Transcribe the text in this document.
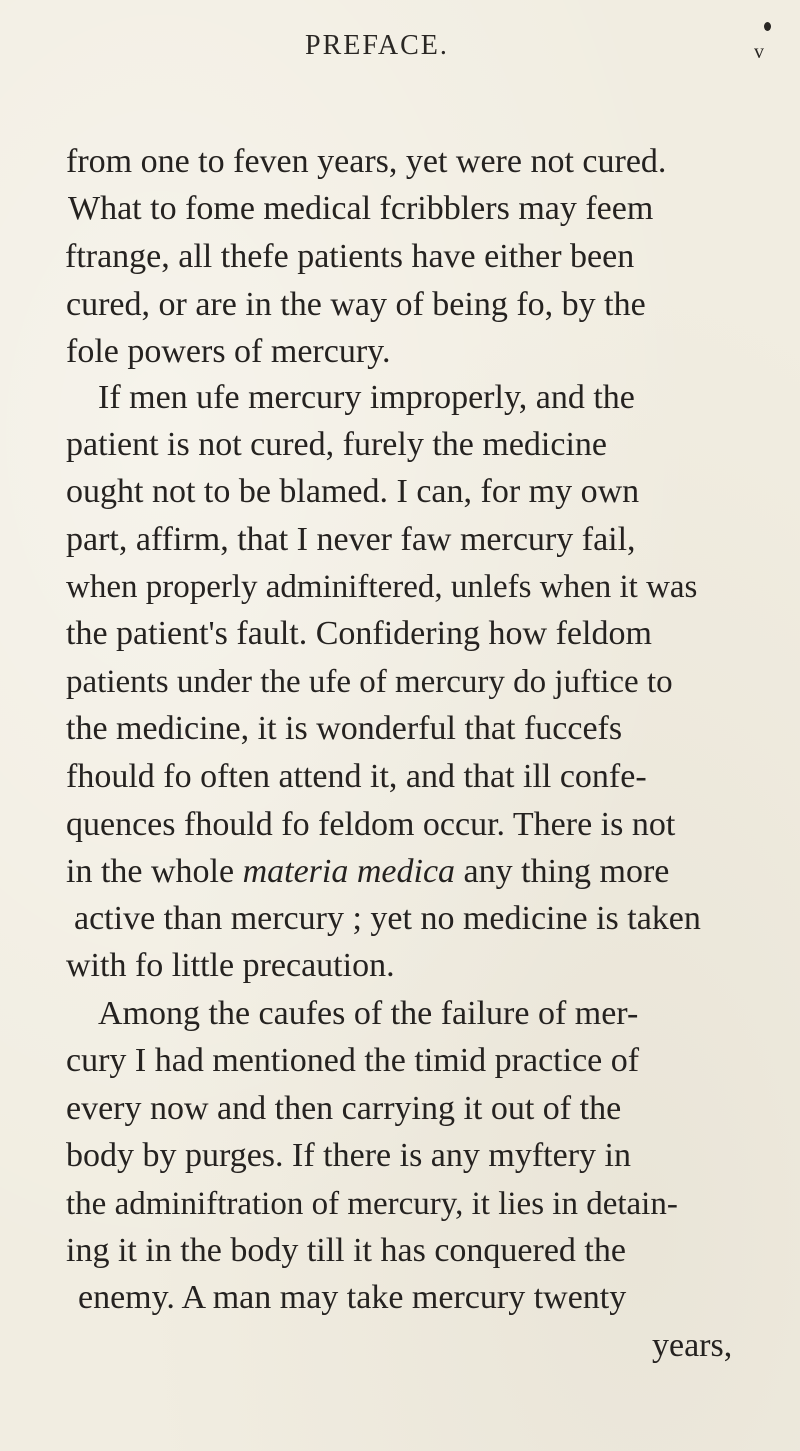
PREFACE.	v
from one to feven years, yet were not cured.
What to fome medical fcribblers may feem
ftrange, all thefe patients have either been
cured, or are in the way of being fo, by the
fole powers of mercury.
If men ufe mercury improperly, and the
patient is not cured, furely the medicine
ought not to be blamed. I can, for my own
part, affirm, that I never faw mercury fail,
when properly adminiftered, unlefs when it was
the patient's fault. Confidering how feldom
patients under the ufe of mercury do juftice to
the medicine, it is wonderful that fuccefs
fhould fo often attend it, and that ill confe-
quences fhould fo feldom occur. There is not
in the whole materia medica any thing more
active than mercury ; yet no medicine is taken
with fo little precaution.
Among the caufes of the failure of mer-
cury I had mentioned the timid practice of
every now and then carrying it out of the
body by purges. If there is any myftery in
the adminiftration of mercury, it lies in detain-
ing it in the body till it has conquered the
enemy. A man may take mercury twenty
years,
